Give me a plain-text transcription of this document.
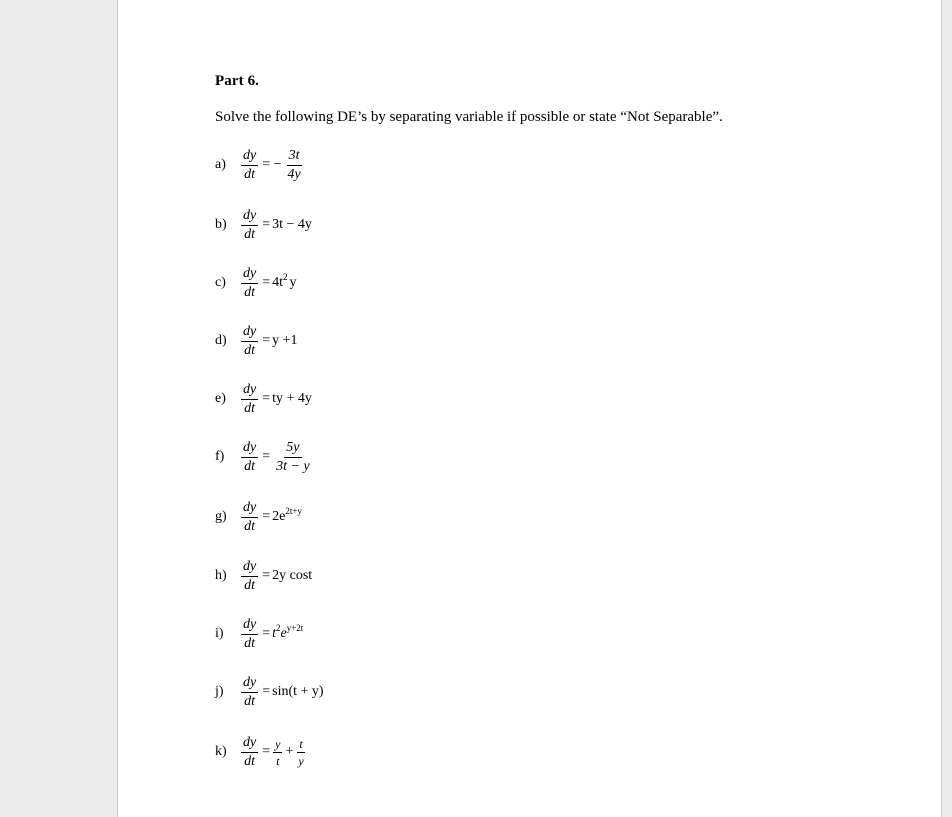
Part 6.
Solve the following DE’s by separating variable if possible or state “Not Separable”.
$a) \frac{dy}{dt}$ = − $\frac{3t}{4y}$
$b) \frac{dy}{dt} = 3t - 4y$
$c) \frac{dy}{dt} = 4t^2$ y
$d) \frac{dy}{dt} = y +1$
$e) \frac{dy}{dt}$ = ty + 4y
$f) \frac{dy}{dt} = \frac{5y}{3t - y}$
$g) \frac{dy}{dt} = 2e^{2t+y}$
$h) \frac{dy}{dt} = 2y$ cost
$i) \frac{dy}{dt} = t^2e^{y+2t}$
$j) \frac{dy}{dt} = \sin(t + y)$
$k) \frac{dy}{dt} = \frac{y}{t} + \frac{t}{y}$
